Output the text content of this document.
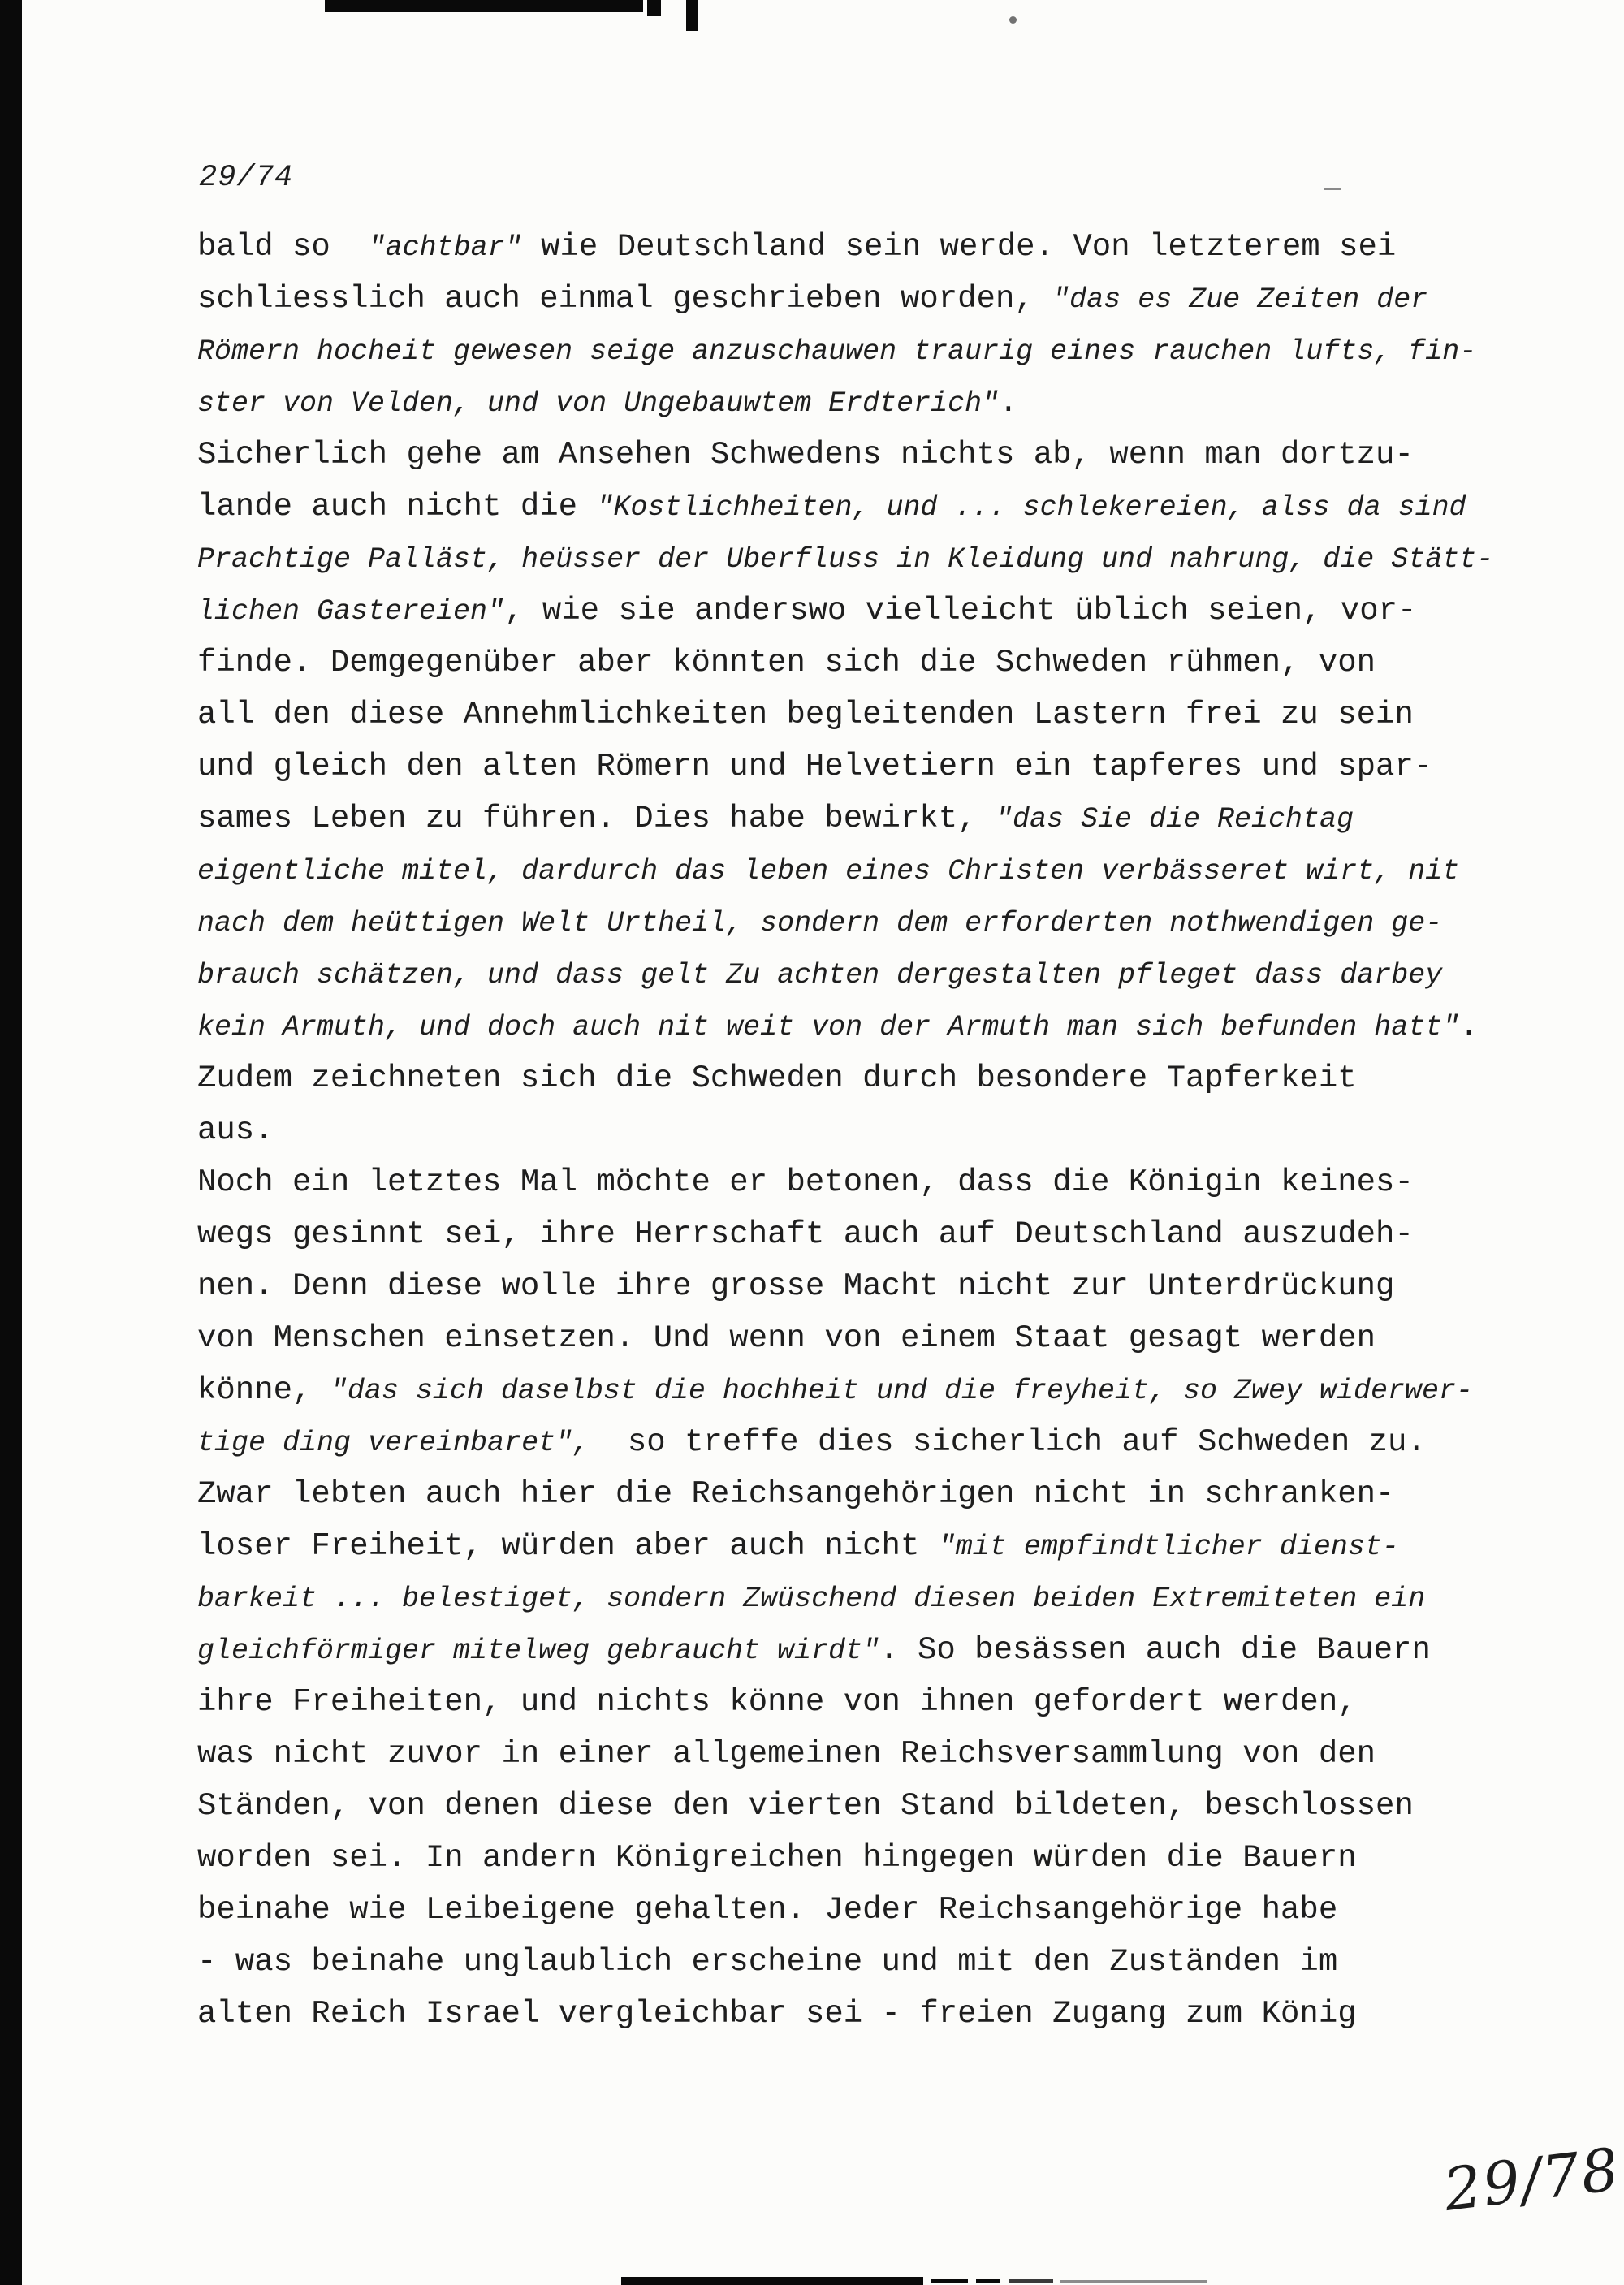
29/74
bald so  "achtbar" wie Deutschland sein werde. Von letzterem sei
schliesslich auch einmal geschrieben worden, "das es Zue Zeiten der
Römern hocheit gewesen seige anzuschauwen traurig eines rauchen lufts, fin-
ster von Velden, und von Ungebauwtem Erdterich".
Sicherlich gehe am Ansehen Schwedens nichts ab, wenn man dortzu-
lande auch nicht die "Kostlichheiten, und ... schlekereien, alss da sind
Prachtige Palläst, heüsser der Uberfluss in Kleidung und nahrung, die Stätt-
lichen Gastereien", wie sie anderswo vielleicht üblich seien, vor-
finde. Demgegenüber aber könnten sich die Schweden rühmen, von
all den diese Annehmlichkeiten begleitenden Lastern frei zu sein
und gleich den alten Römern und Helvetiern ein tapferes und spar-
sames Leben zu führen. Dies habe bewirkt, "das Sie die Reichtag
eigentliche mitel, dardurch das leben eines Christen verbässeret wirt, nit
nach dem heüttigen Welt Urtheil, sondern dem erforderten nothwendigen ge-
brauch schätzen, und dass gelt Zu achten dergestalten pfleget dass darbey
kein Armuth, und doch auch nit weit von der Armuth man sich befunden hatt".
Zudem zeichneten sich die Schweden durch besondere Tapferkeit
aus.
Noch ein letztes Mal möchte er betonen, dass die Königin keines-
wegs gesinnt sei, ihre Herrschaft auch auf Deutschland auszudeh-
nen. Denn diese wolle ihre grosse Macht nicht zur Unterdrückung
von Menschen einsetzen. Und wenn von einem Staat gesagt werden
könne, "das sich daselbst die hochheit und die freyheit, so Zwey widerwer-
tige ding vereinbaret",  so treffe dies sicherlich auf Schweden zu.
Zwar lebten auch hier die Reichsangehörigen nicht in schranken-
loser Freiheit, würden aber auch nicht "mit empfindtlicher dienst-
barkeit ... belestiget, sondern Zwüschend diesen beiden Extremiteten ein
gleichförmiger mitelweg gebraucht wirdt". So besässen auch die Bauern
ihre Freiheiten, und nichts könne von ihnen gefordert werden,
was nicht zuvor in einer allgemeinen Reichsversammlung von den
Ständen, von denen diese den vierten Stand bildeten, beschlossen
worden sei. In andern Königreichen hingegen würden die Bauern
beinahe wie Leibeigene gehalten. Jeder Reichsangehörige habe
- was beinahe unglaublich erscheine und mit den Zuständen im
alten Reich Israel vergleichbar sei - freien Zugang zum König
29/78
